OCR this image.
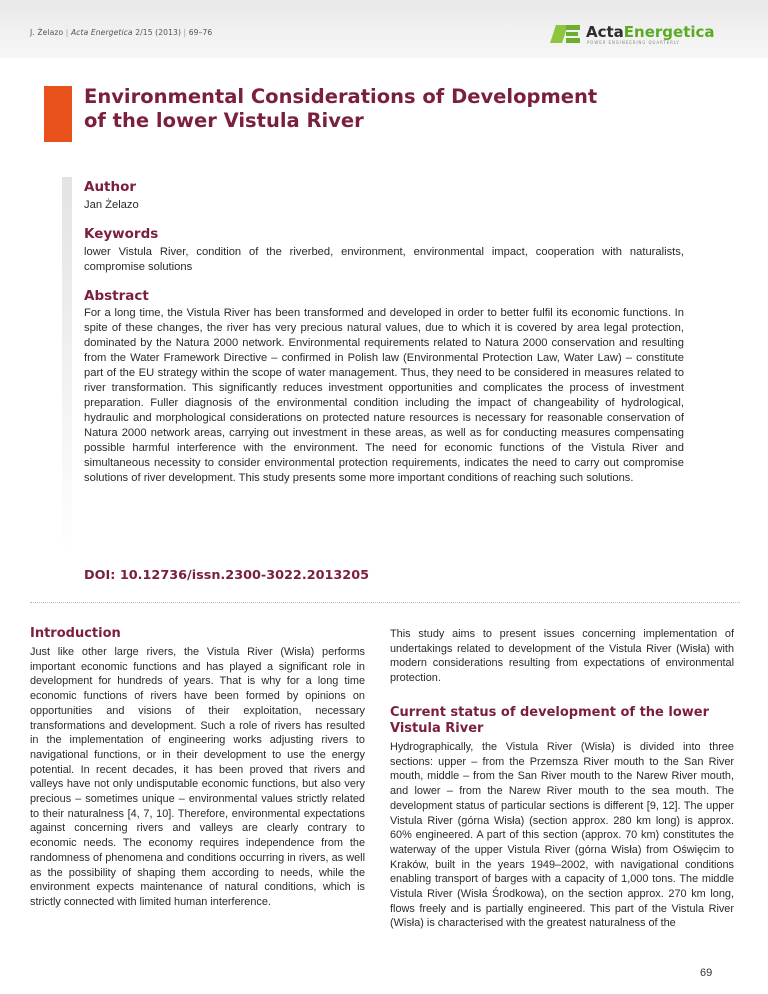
J. Żelazo | Acta Energetica 2/15 (2013) | 69–76	ActaEnergetica
POWER ENGINEERING QUARTERLY
Environmental Considerations of Development of the lower Vistula River
Author
Jan Żelazo
Keywords
lower Vistula River, condition of the riverbed, environment, environmental impact, cooperation with naturalists, compromise solutions
Abstract
For a long time, the Vistula River has been transformed and developed in order to better fulfil its economic functions. In spite of these changes, the river has very precious natural values, due to which it is covered by area legal protection, dominated by the Natura 2000 network. Environmental requirements related to Natura 2000 conservation and resulting from the Water Framework Directive – confirmed in Polish law (Environmental Protection Law, Water Law) – constitute part of the EU strategy within the scope of water management. Thus, they need to be considered in measures related to river transformation. This significantly reduces investment opportunities and complicates the process of investment preparation. Fuller diagnosis of the environmental condition including the impact of changeability of hydrological, hydraulic and morphological considerations on protected nature resources is necessary for reasonable conservation of Natura 2000 network areas, carrying out investment in these areas, as well as for conducting measures compensating possible harmful interference with the environment. The need for economic functions of the Vistula River and simultaneous necessity to consider environmental protection requirements, indicates the need to carry out compromise solutions of river development. This study presents some more important conditions of reaching such solutions.
DOI: 10.12736/issn.2300-3022.2013205
Introduction
Just like other large rivers, the Vistula River (Wisła) performs important economic functions and has played a significant role in development for hundreds of years. That is why for a long time economic functions of rivers have been formed by opinions on opportunities and visions of their exploitation, necessary transformations and development. Such a role of rivers has resulted in the implementation of engineering works adjusting rivers to navigational functions, or in their development to use the energy potential. In recent decades, it has been proved that rivers and valleys have not only undisputable economic functions, but also very precious – sometimes unique – environmental values strictly related to their naturalness [4, 7, 10]. Therefore, environmental expectations against concerning rivers and valleys are clearly contrary to economic needs. The economy requires independence from the randomness of phenomena and conditions occurring in rivers, as well as the possibility of shaping them according to needs, while the environment expects maintenance of natural conditions, which is strictly connected with limited human interference.
This study aims to present issues concerning implementation of undertakings related to development of the Vistula River (Wisła) with modern considerations resulting from expectations of environmental protection.
Current status of development of the lower Vistula River
Hydrographically, the Vistula River (Wisła) is divided into three sections: upper – from the Przemsza River mouth to the San River mouth, middle – from the San River mouth to the Narew River mouth, and lower – from the Narew River mouth to the sea mouth. The development status of particular sections is different [9, 12]. The upper Vistula River (górna Wisła) (section approx. 280 km long) is approx. 60% engineered. A part of this section (approx. 70 km) constitutes the waterway of the upper Vistula River (górna Wisła) from Oświęcim to Kraków, built in the years 1949–2002, with navigational conditions enabling transport of barges with a capacity of 1,000 tons. The middle Vistula River (Wisła Środkowa), on the section approx. 270 km long, flows freely and is partially engineered. This part of the Vistula River (Wisła) is characterised with the greatest naturalness of the
69
